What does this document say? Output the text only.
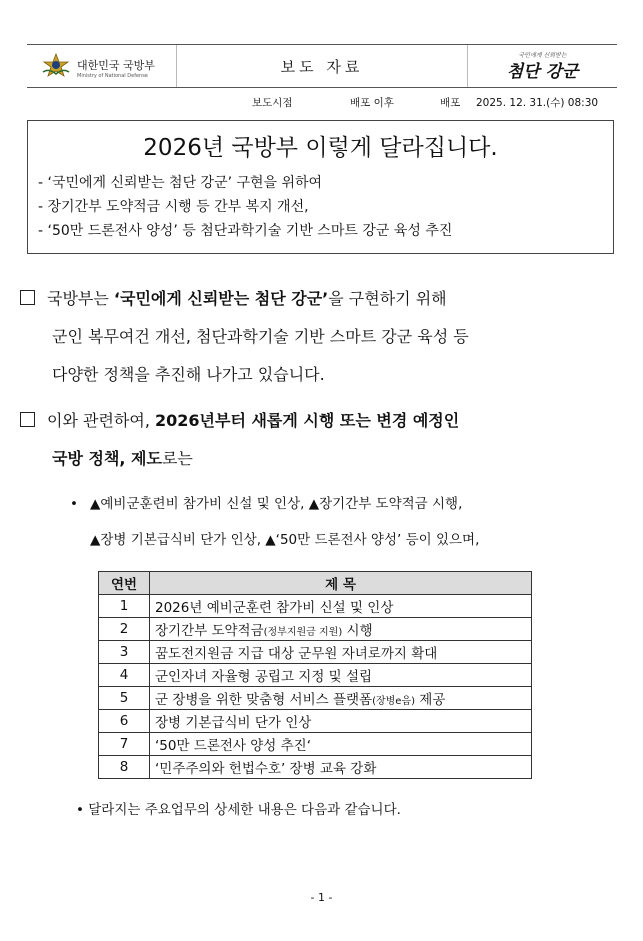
대한민국 국방부
Ministry of National Defense	보도 자료
국민에게 신뢰받는
첨단 강군
보도시점	배포 이후	배포 2025. 12. 31.(수) 08:30
2026년 국방부 이렇게 달라집니다.
- ‘국민에게 신뢰받는 첨단 강군’ 구현을 위하여
- 장기간부 도약적금 시행 등 간부 복지 개선,
- ‘50만 드론전사 양성’ 등 첨단과학기술 기반 스마트 강군 육성 추진
국방부는 ‘국민에게 신뢰받는 첨단 강군’을 구현하기 위해
군인 복무여건 개선, 첨단과학기술 기반 스마트 강군 육성 등
다양한 정책을 추진해 나가고 있습니다.
이와 관련하여, 2026년부터 새롭게 시행 또는 변경 예정인
국방 정책, 제도로는
• ▲예비군훈련비 참가비 신설 및 인상, ▲장기간부 도약적금 시행,
▲장병 기본급식비 단가 인상, ▲‘50만 드론전사 양성’ 등이 있으며,
연번	제 목
1	2026년 예비군훈련 참가비 신설 및 인상
2	장기간부 도약적금(정부지원금 지원) 시행
3	꿈도전지원금 지급 대상 군무원 자녀로까지 확대
4	군인자녀 자율형 공립고 지정 및 설립
5	군 장병을 위한 맞춤형 서비스 플랫폼(장병e음) 제공
6	장병 기본급식비 단가 인상
7	‘50만 드론전사 양성 추진‘
8	‘민주주의와 헌법수호’ 장병 교육 강화
• 달라지는 주요업무의 상세한 내용은 다음과 같습니다.
- 1 -
